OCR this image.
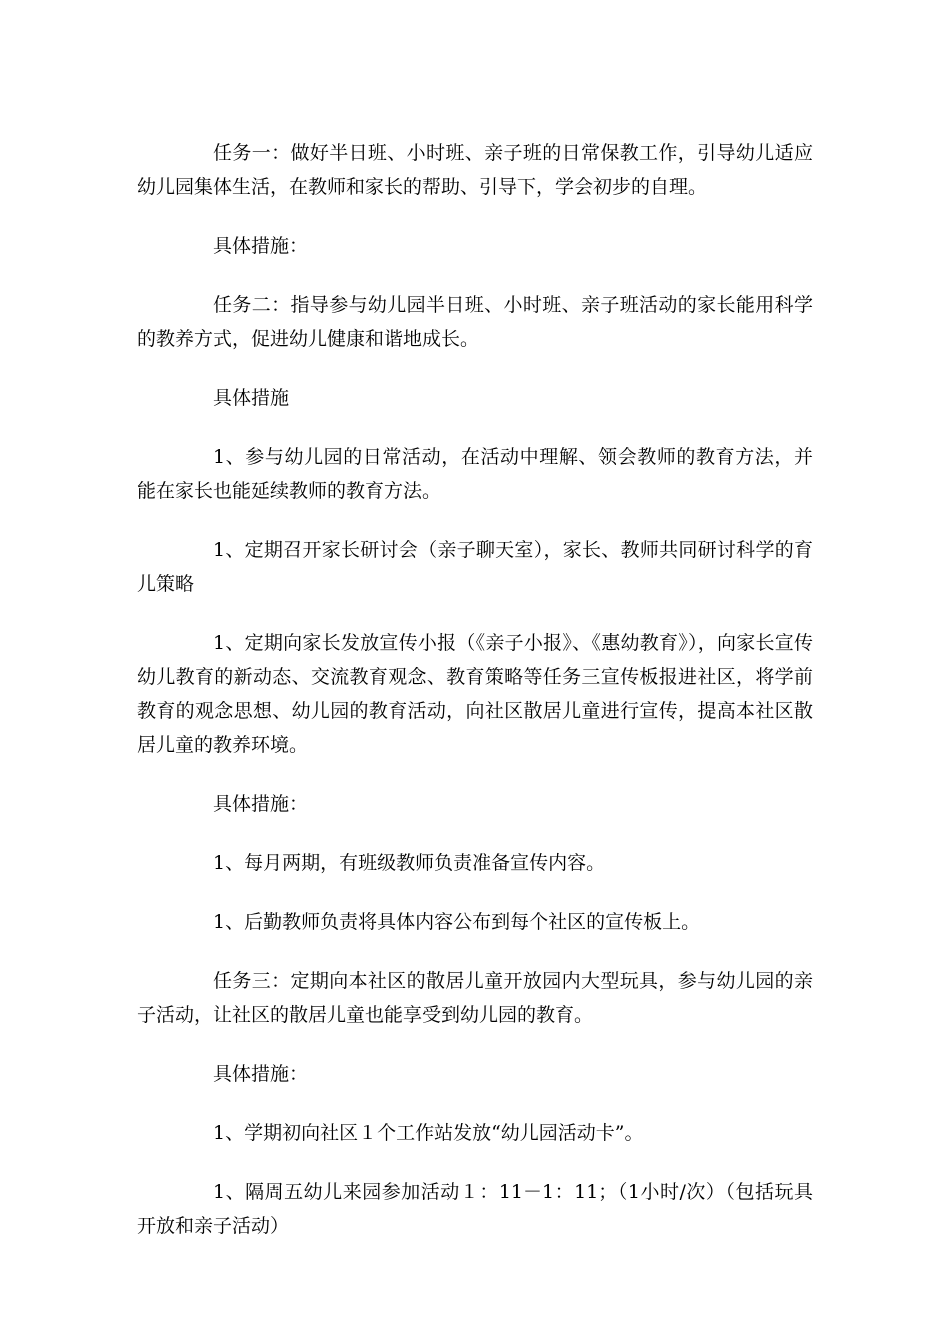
任务一：做好半日班、小时班、亲子班的日常保教工作，引导幼儿适应幼儿园集体生活，在教师和家长的帮助、引导下，学会初步的自理。

具体措施：

任务二：指导参与幼儿园半日班、小时班、亲子班活动的家长能用科学的教养方式，促进幼儿健康和谐地成长。

具体措施

1、参与幼儿园的日常活动，在活动中理解、领会教师的教育方法，并能在家长也能延续教师的教育方法。

1、定期召开家长研讨会（亲子聊天室），家长、教师共同研讨科学的育儿策略

1、定期向家长发放宣传小报（《亲子小报》、《惠幼教育》），向家长宣传幼儿教育的新动态、交流教育观念、教育策略等任务三宣传板报进社区，将学前教育的观念思想、幼儿园的教育活动，向社区散居儿童进行宣传，提高本社区散居儿童的教养环境。

具体措施：

1、每月两期，有班级教师负责准备宣传内容。

1、后勤教师负责将具体内容公布到每个社区的宣传板上。

任务三：定期向本社区的散居儿童开放园内大型玩具，参与幼儿园的亲子活动，让社区的散居儿童也能享受到幼儿园的教育。

具体措施：

1、学期初向社区１个工作站发放“幼儿园活动卡”。

1、隔周五幼儿来园参加活动１：11－1：11；（1小时/次）（包括玩具开放和亲子活动）
